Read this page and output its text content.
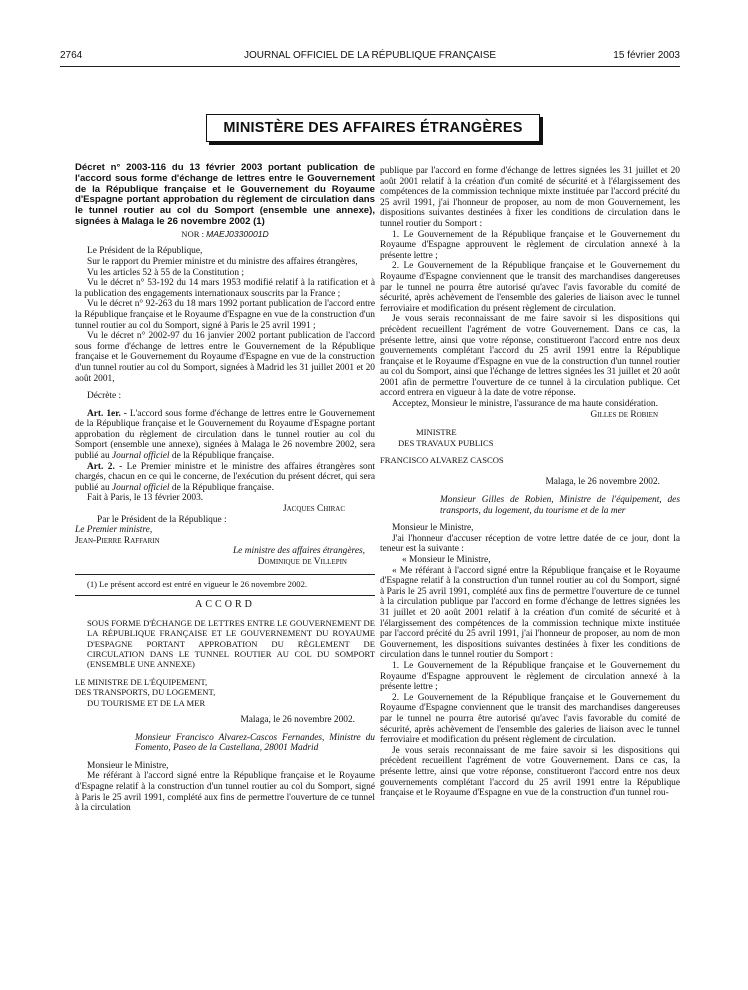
2764	JOURNAL OFFICIEL DE LA RÉPUBLIQUE FRANÇAISE	15 février 2003
MINISTÈRE DES AFFAIRES ÉTRANGÈRES

Décret n° 2003-116 du 13 février 2003 portant publication de l'accord sous forme d'échange de lettres entre le Gouvernement de la République française et le Gouvernement du Royaume d'Espagne portant approbation du règlement de circulation dans le tunnel routier au col du Somport (ensemble une annexe), signées à Malaga le 26 novembre 2002 (1)

NOR : MAEJ0330001D

Le Président de la République,

Sur le rapport du Premier ministre et du ministre des affaires étrangères,

Vu les articles 52 à 55 de la Constitution ;

Vu le décret n° 53-192 du 14 mars 1953 modifié relatif à la ratification et à la publication des engagements internationaux souscrits par la France ;

Vu le décret n° 92-263 du 18 mars 1992 portant publication de l'accord entre la République française et le Royaume d'Espagne en vue de la construction d'un tunnel routier au col du Somport, signé à Paris le 25 avril 1991 ;

Vu le décret n° 2002-97 du 16 janvier 2002 portant publication de l'accord sous forme d'échange de lettres entre le Gouvernement de la République française et le Gouvernement du Royaume d'Espagne en vue de la construction d'un tunnel routier au col du Somport, signées à Madrid les 31 juillet 2001 et 20 août 2001,

Décrète :

Art. 1er. - L'accord sous forme d'échange de lettres entre le Gouvernement de la République française et le Gouvernement du Royaume d'Espagne portant approbation du règlement de circulation dans le tunnel routier au col du Somport (ensemble une annexe), signées à Malaga le 26 novembre 2002, sera publié au Journal officiel de la République française.

Art. 2. - Le Premier ministre et le ministre des affaires étrangères sont chargés, chacun en ce qui le concerne, de l'exécution du présent décret, qui sera publié au Journal officiel de la République française.

Fait à Paris, le 13 février 2003.

Jacques Chirac

Par le Président de la République :

Le Premier ministre,

Jean-Pierre Raffarin

Le ministre des affaires étrangères,

Dominique de Villepin

(1) Le présent accord est entré en vigueur le 26 novembre 2002.

ACCORD

SOUS FORME D'ÉCHANGE DE LETTRES ENTRE LE GOUVERNEMENT DE LA RÉPUBLIQUE FRANÇAISE ET LE GOUVERNEMENT DU ROYAUME D'ESPAGNE PORTANT APPROBATION DU RÈGLEMENT DE CIRCULATION DANS LE TUNNEL ROUTIER AU COL DU SOMPORT (ENSEMBLE UNE ANNEXE)

LE MINISTRE DE L'ÉQUIPEMENT,

DES TRANSPORTS, DU LOGEMENT,

DU TOURISME ET DE LA MER

Malaga, le 26 novembre 2002.

Monsieur Francisco Alvarez-Cascos Fernandes, Ministre du Fomento, Paseo de la Castellana, 28001 Madrid

Monsieur le Ministre,

Me référant à l'accord signé entre la République française et le Royaume d'Espagne relatif à la construction d'un tunnel routier au col du Somport, signé à Paris le 25 avril 1991, complété aux fins de permettre l'ouverture de ce tunnel à la circulation

publique par l'accord en forme d'échange de lettres signées les 31 juillet et 20 août 2001 relatif à la création d'un comité de sécurité et à l'élargissement des compétences de la commission technique mixte instituée par l'accord précité du 25 avril 1991, j'ai l'honneur de proposer, au nom de mon Gouvernement, les dispositions suivantes destinées à fixer les conditions de circulation dans le tunnel routier du Somport :

1. Le Gouvernement de la République française et le Gouvernement du Royaume d'Espagne approuvent le règlement de circulation annexé à la présente lettre ;

2. Le Gouvernement de la République française et le Gouvernement du Royaume d'Espagne conviennent que le transit des marchandises dangereuses par le tunnel ne pourra être autorisé qu'avec l'avis favorable du comité de sécurité, après achèvement de l'ensemble des galeries de liaison avec le tunnel ferroviaire et modification du présent règlement de circulation.

Je vous serais reconnaissant de me faire savoir si les dispositions qui précèdent recueillent l'agrément de votre Gouvernement. Dans ce cas, la présente lettre, ainsi que votre réponse, constitueront l'accord entre nos deux gouvernements complétant l'accord du 25 avril 1991 entre la République française et le Royaume d'Espagne en vue de la construction d'un tunnel routier au col du Somport, ainsi que l'échange de lettres signées les 31 juillet et 20 août 2001 afin de permettre l'ouverture de ce tunnel à la circulation publique. Cet accord entrera en vigueur à la date de votre réponse.

Acceptez, Monsieur le ministre, l'assurance de ma haute considération.

Gilles de Robien

MINISTRE

DES TRAVAUX PUBLICS

FRANCISCO ALVAREZ CASCOS

Malaga, le 26 novembre 2002.

Monsieur Gilles de Robien, Ministre de l'équipement, des transports, du logement, du tourisme et de la mer

Monsieur le Ministre,

J'ai l'honneur d'accuser réception de votre lettre datée de ce jour, dont la teneur est la suivante :

« Monsieur le Ministre,

« Me référant à l'accord signé entre la République française et le Royaume d'Espagne relatif à la construction d'un tunnel routier au col du Somport, signé à Paris le 25 avril 1991, complété aux fins de permettre l'ouverture de ce tunnel à la circulation publique par l'accord en forme d'échange de lettres signées les 31 juillet et 20 août 2001 relatif à la création d'un comité de sécurité et à l'élargissement des compétences de la commission technique mixte instituée par l'accord précité du 25 avril 1991, j'ai l'honneur de proposer, au nom de mon Gouvernement, les dispositions suivantes destinées à fixer les conditions de circulation dans le tunnel routier du Somport :

1. Le Gouvernement de la République française et le Gouvernement du Royaume d'Espagne approuvent le règlement de circulation annexé à la présente lettre ;

2. Le Gouvernement de la République française et le Gouvernement du Royaume d'Espagne conviennent que le transit des marchandises dangereuses par le tunnel ne pourra être autorisé qu'avec l'avis favorable du comité de sécurité, après achèvement de l'ensemble des galeries de liaison avec le tunnel ferroviaire et modification du présent règlement de circulation.

Je vous serais reconnaissant de me faire savoir si les dispositions qui précèdent recueillent l'agrément de votre Gouvernement. Dans ce cas, la présente lettre, ainsi que votre réponse, constitueront l'accord entre nos deux gouvernements complétant l'accord du 25 avril 1991 entre la République française et le Royaume d'Espagne en vue de la construction d'un tunnel rou-
